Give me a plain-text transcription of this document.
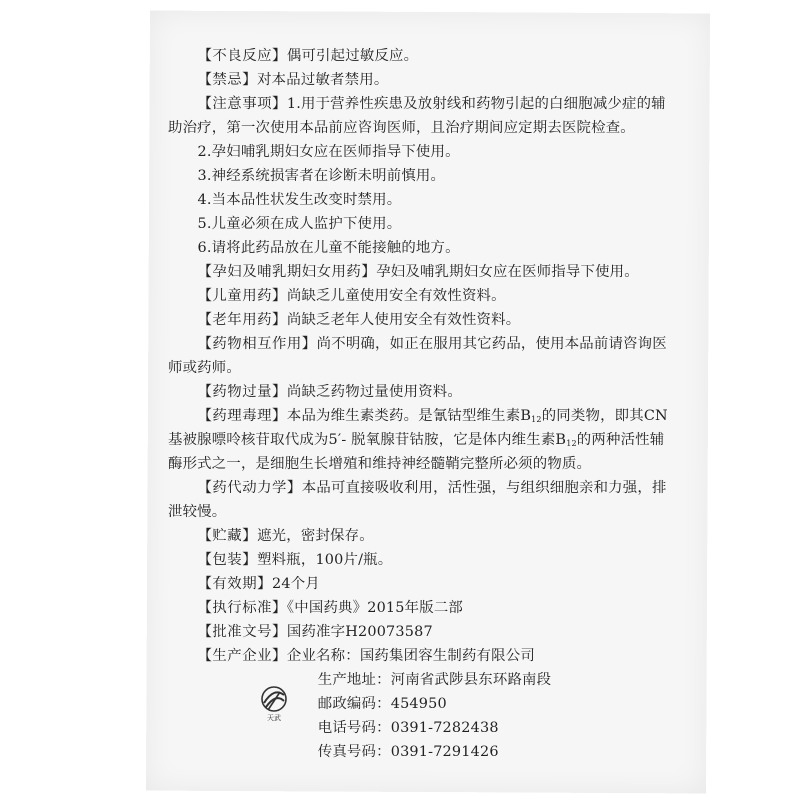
【不良反应】偶可引起过敏反应。

【禁忌】对本品过敏者禁用。

【注意事项】1.用于营养性疾患及放射线和药物引起的白细胞减少症的辅助治疗，第一次使用本品前应咨询医师，且治疗期间应定期去医院检查。

2.孕妇哺乳期妇女应在医师指导下使用。

3.神经系统损害者在诊断未明前慎用。

4.当本品性状发生改变时禁用。

5.儿童必须在成人监护下使用。

6.请将此药品放在儿童不能接触的地方。

【孕妇及哺乳期妇女用药】孕妇及哺乳期妇女应在医师指导下使用。

【儿童用药】尚缺乏儿童使用安全有效性资料。

【老年用药】尚缺乏老年人使用安全有效性资料。

【药物相互作用】尚不明确，如正在服用其它药品，使用本品前请咨询医师或药师。

【药物过量】尚缺乏药物过量使用资料。

【药理毒理】本品为维生素类药。是氰钴型维生素$B_{12}$的同类物，即其CN基被腺嘌呤核苷取代成为5′- 脱氧腺苷钴胺，它是体内维生素$B_{12}$的两种活性辅酶形式之一，是细胞生长增殖和维持神经髓鞘完整所必须的物质。

【药代动力学】本品可直接吸收利用，活性强，与组织细胞亲和力强，排泄较慢。

【贮藏】遮光，密封保存。

【包装】塑料瓶，100片/瓶。

【有效期】24个月

【执行标准】《中国药典》2015年版二部

【批准文号】国药准字H20073587

【生产企业】 企业名称： 国药集团容生制药有限公司
生产地址： 河南省武陟县东环路南段
邮政编码： 454950
电话号码： 0391-7282438
传真号码： 0391-7291426
天武
